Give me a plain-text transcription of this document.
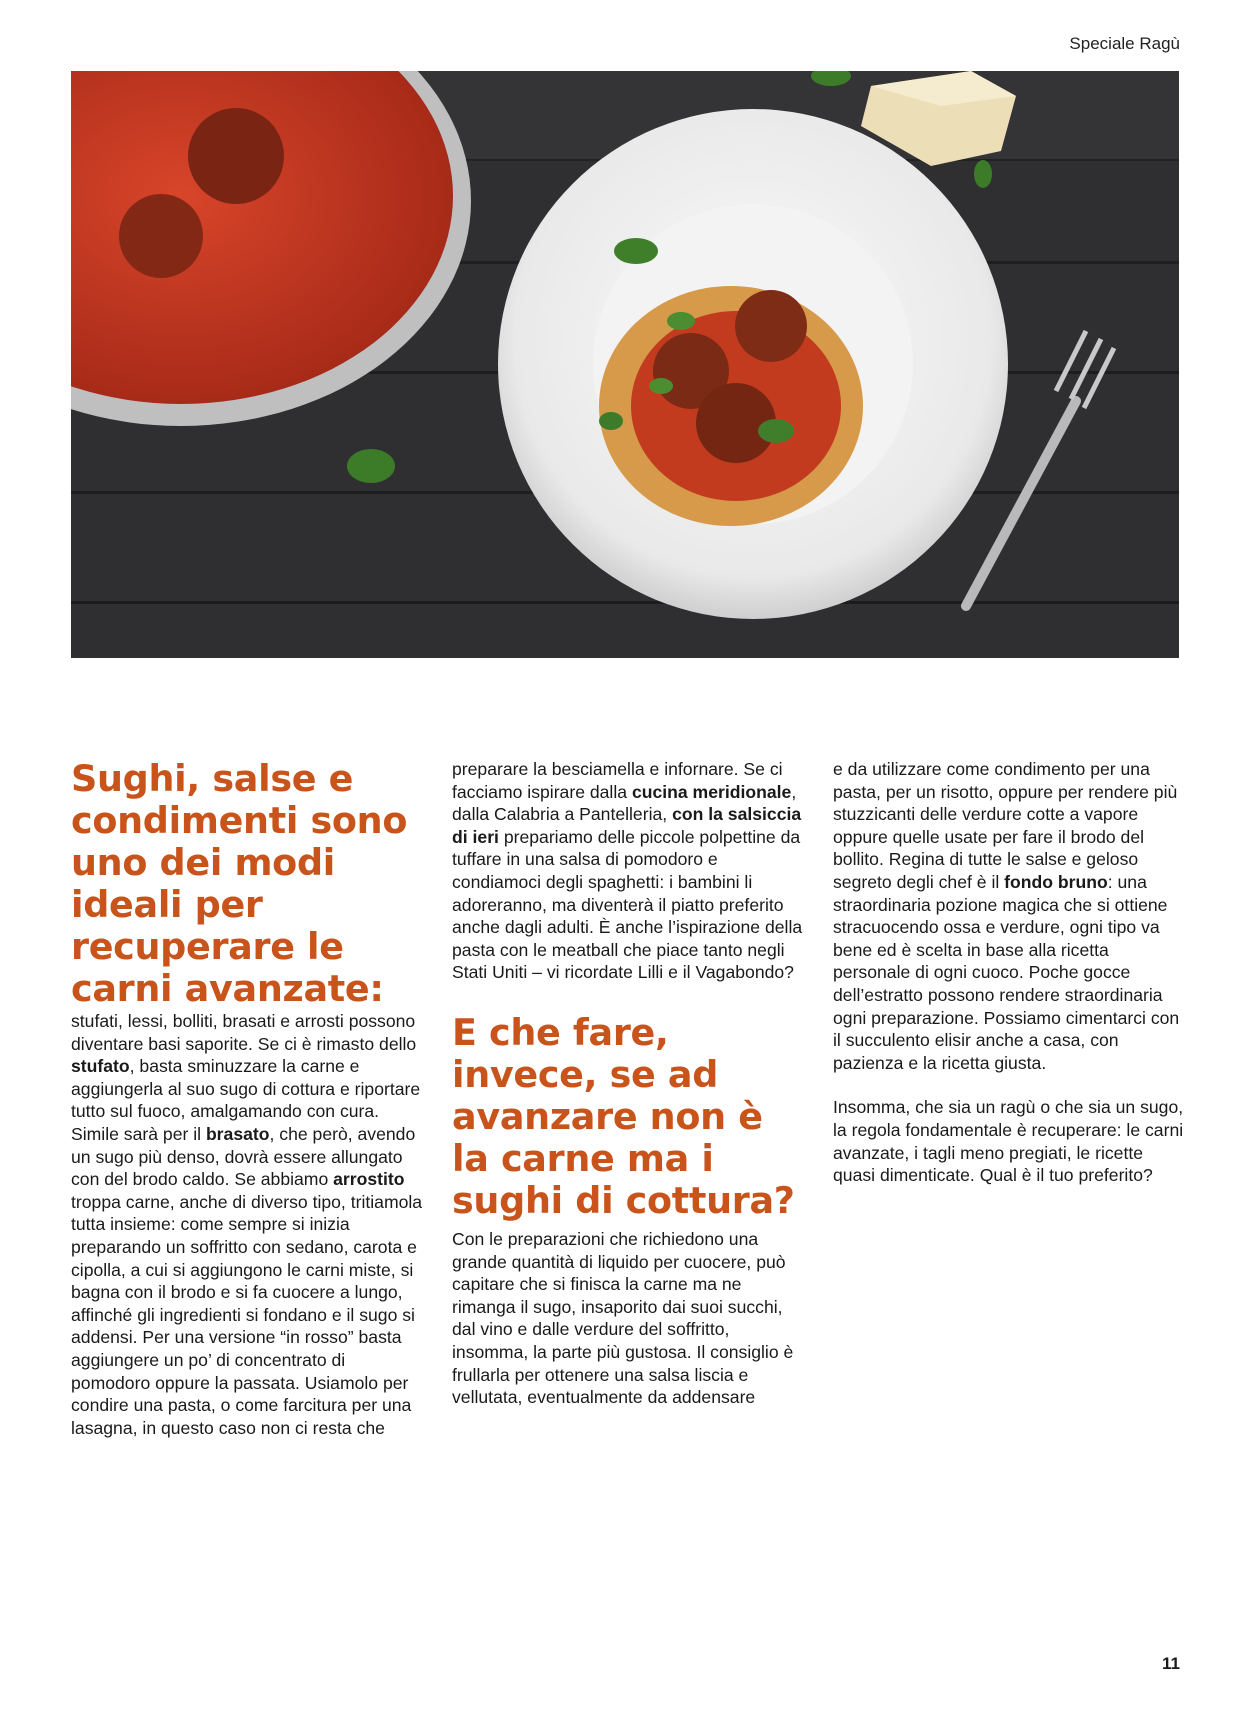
Speciale Ragù

Sughi, salse e condimenti sono uno dei modi ideali per recuperare le carni avanzate:

stufati, lessi, bolliti, brasati e arrosti possono diventare basi saporite. Se ci è rimasto dello stufato, basta sminuzzare la carne e aggiungerla al suo sugo di cottura e riportare tutto sul fuoco, amalgamando con cura. Simile sarà per il brasato, che però, avendo un sugo più denso, dovrà essere allungato con del brodo caldo. Se abbiamo arrostito troppa carne, anche di diverso tipo, tritiamola tutta insieme: come sempre si inizia preparando un soffritto con sedano, carota e cipolla, a cui si aggiungono le carni miste, si bagna con il brodo e si fa cuocere a lungo, affinché gli ingredienti si fondano e il sugo si addensi. Per una versione “in rosso” basta aggiungere un po’ di concentrato di pomodoro oppure la passata. Usiamolo per condire una pasta, o come farcitura per una lasagna, in questo caso non ci resta che

preparare la besciamella e infornare. Se ci facciamo ispirare dalla cucina meridionale, dalla Calabria a Pantelleria, con la salsiccia di ieri prepariamo delle piccole polpettine da tuffare in una salsa di pomodoro e condiamoci degli spaghetti: i bambini li adoreranno, ma diventerà il piatto preferito anche dagli adulti. È anche l’ispirazione della pasta con le meatball che piace tanto negli Stati Uniti – vi ricordate Lilli e il Vagabondo?

E che fare, invece, se ad avanzare non è la carne ma i sughi di cottura?

Con le preparazioni che richiedono una grande quantità di liquido per cuocere, può capitare che si finisca la carne ma ne rimanga il sugo, insaporito dai suoi succhi, dal vino e dalle verdure del soffritto, insomma, la parte più gustosa. Il consiglio è frullarla per ottenere una salsa liscia e vellutata, eventualmente da addensare

e da utilizzare come condimento per una pasta, per un risotto, oppure per rendere più stuzzicanti delle verdure cotte a vapore oppure quelle usate per fare il brodo del bollito. Regina di tutte le salse e geloso segreto degli chef è il fondo bruno: una straordinaria pozione magica che si ottiene stracuocendo ossa e verdure, ogni tipo va bene ed è scelta in base alla ricetta personale di ogni cuoco. Poche gocce dell’estratto possono rendere straordinaria ogni preparazione. Possiamo cimentarci con il succulento elisir anche a casa, con pazienza e la ricetta giusta.

Insomma, che sia un ragù o che sia un sugo, la regola fondamentale è recuperare: le carni avanzate, i tagli meno pregiati, le ricette quasi dimenticate. Qual è il tuo preferito?

11
